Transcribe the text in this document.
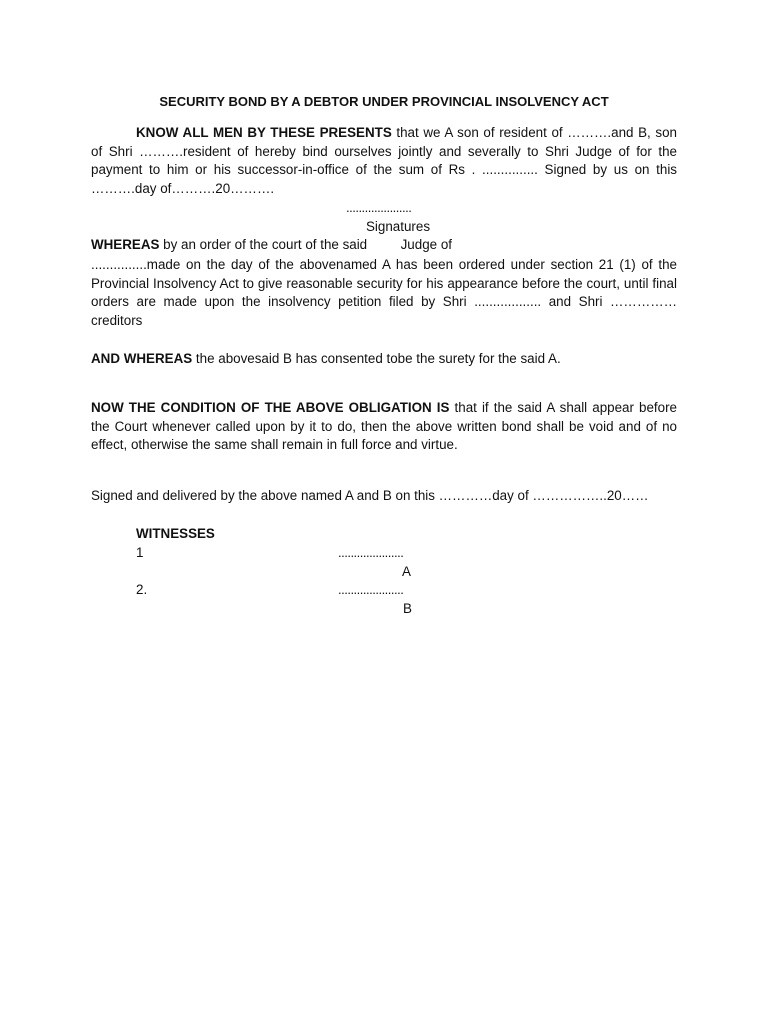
SECURITY BOND BY A DEBTOR UNDER PROVINCIAL INSOLVENCY ACT
KNOW ALL MEN BY THESE PRESENTS that we A son of resident of ……….and B, son of Shri ……….resident of hereby bind ourselves jointly and severally to Shri Judge of for the payment to him or his successor-in-office of the sum of Rs . ............... Signed by us on this ……….day of……….20……….
.....................
Signatures
WHEREAS by an order of the court of the said         Judge of
...............made on the day of the abovenamed A has been ordered under section 21 (1) of the Provincial Insolvency Act to give reasonable security for his appearance before the court, until final orders are made upon the insolvency petition filed by Shri .................. and Shri ……………creditors
AND WHEREAS the abovesaid B has consented tobe the surety for the said A.
NOW THE CONDITION OF THE ABOVE OBLIGATION IS that if the said A shall appear before the Court whenever called upon by it to do, then the above written bond shall be void and of no effect, otherwise the same shall remain in full force and virtue.
Signed and delivered by the above named A and B on this …………day of ……………..20……
WITNESSES
1	.....................
A
2.	.....................
B
